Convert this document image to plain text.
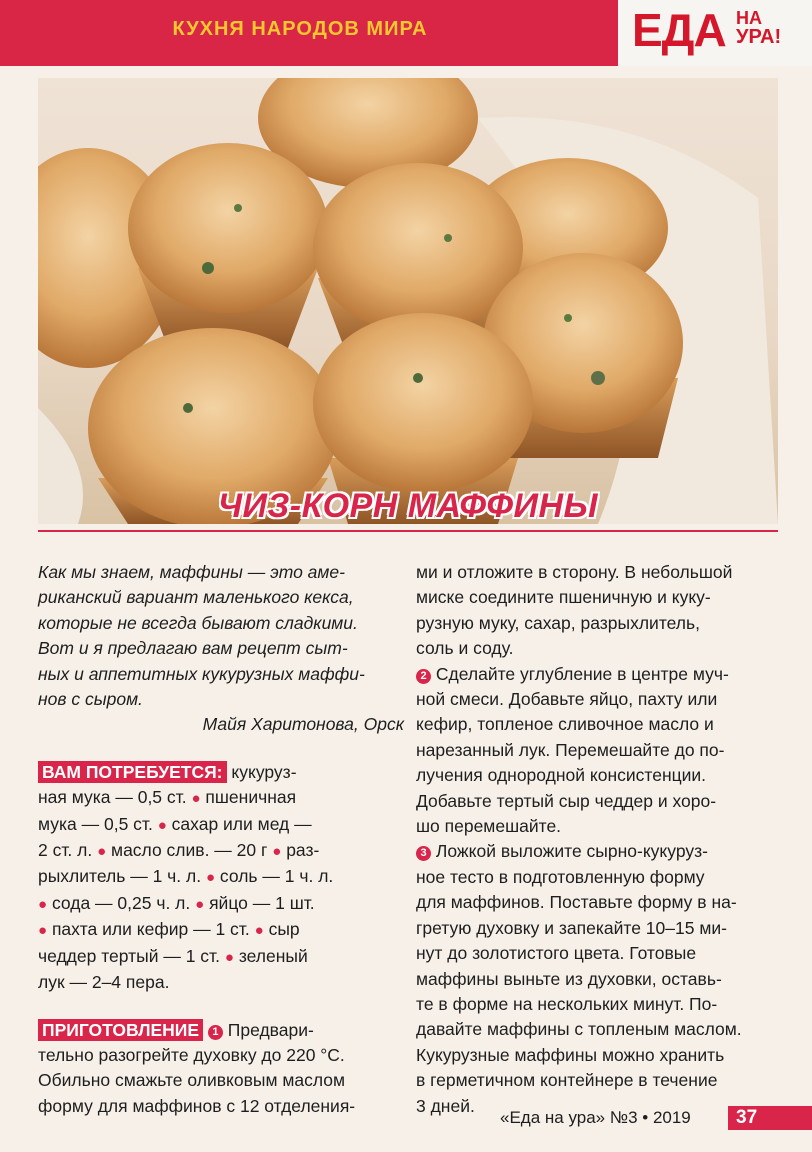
КУХНЯ НАРОДОВ МИРА	ЕДА НА
УРА!
ЧИЗ-КОРН МАФФИНЫ
Как мы знаем, маффины — это аме-
риканский вариант маленького кекса,
которые не всегда бывают сладкими.
Вот и я предлагаю вам рецепт сыт-
ных и аппетитных кукурузных маффи-
нов с сыром.
Майя Харитонова, Орск
ВАМ ПОТРЕБУЕТСЯ: кукуруз-
ная мука — 0,5 ст. ● пшеничная
мука — 0,5 ст. ● сахар или мед —
2 ст. л. ● масло слив. — 20 г ● раз-
рыхлитель — 1 ч. л. ● соль — 1 ч. л.
● сода — 0,25 ч. л. ● яйцо — 1 шт.
● пахта или кефир — 1 ст. ● сыр
чеддер тертый — 1 ст. ● зеленый
лук — 2–4 пера.
ПРИГОТОВЛЕНИЕ 1 Предвари-
тельно разогрейте духовку до 220 °С.
Обильно смажьте оливковым маслом
форму для маффинов с 12 отделения-
ми и отложите в сторону. В небольшой
миске соедините пшеничную и куку-
рузную муку, сахар, разрыхлитель,
соль и соду.
2 Сделайте углубление в центре муч-
ной смеси. Добавьте яйцо, пахту или
кефир, топленое сливочное масло и
нарезанный лук. Перемешайте до по-
лучения однородной консистенции.
Добавьте тертый сыр чеддер и хоро-
шо перемешайте.
3 Ложкой выложите сырно-кукуруз-
ное тесто в подготовленную форму
для маффинов. Поставьте форму в на-
гретую духовку и запекайте 10–15 ми-
нут до золотистого цвета. Готовые
маффины выньте из духовки, оставь-
те в форме на нескольких минут. По-
давайте маффины с топленым маслом.
Кукурузные маффины можно хранить
в герметичном контейнере в течение
3 дней.
«Еда на ура» №3 • 2019	37
